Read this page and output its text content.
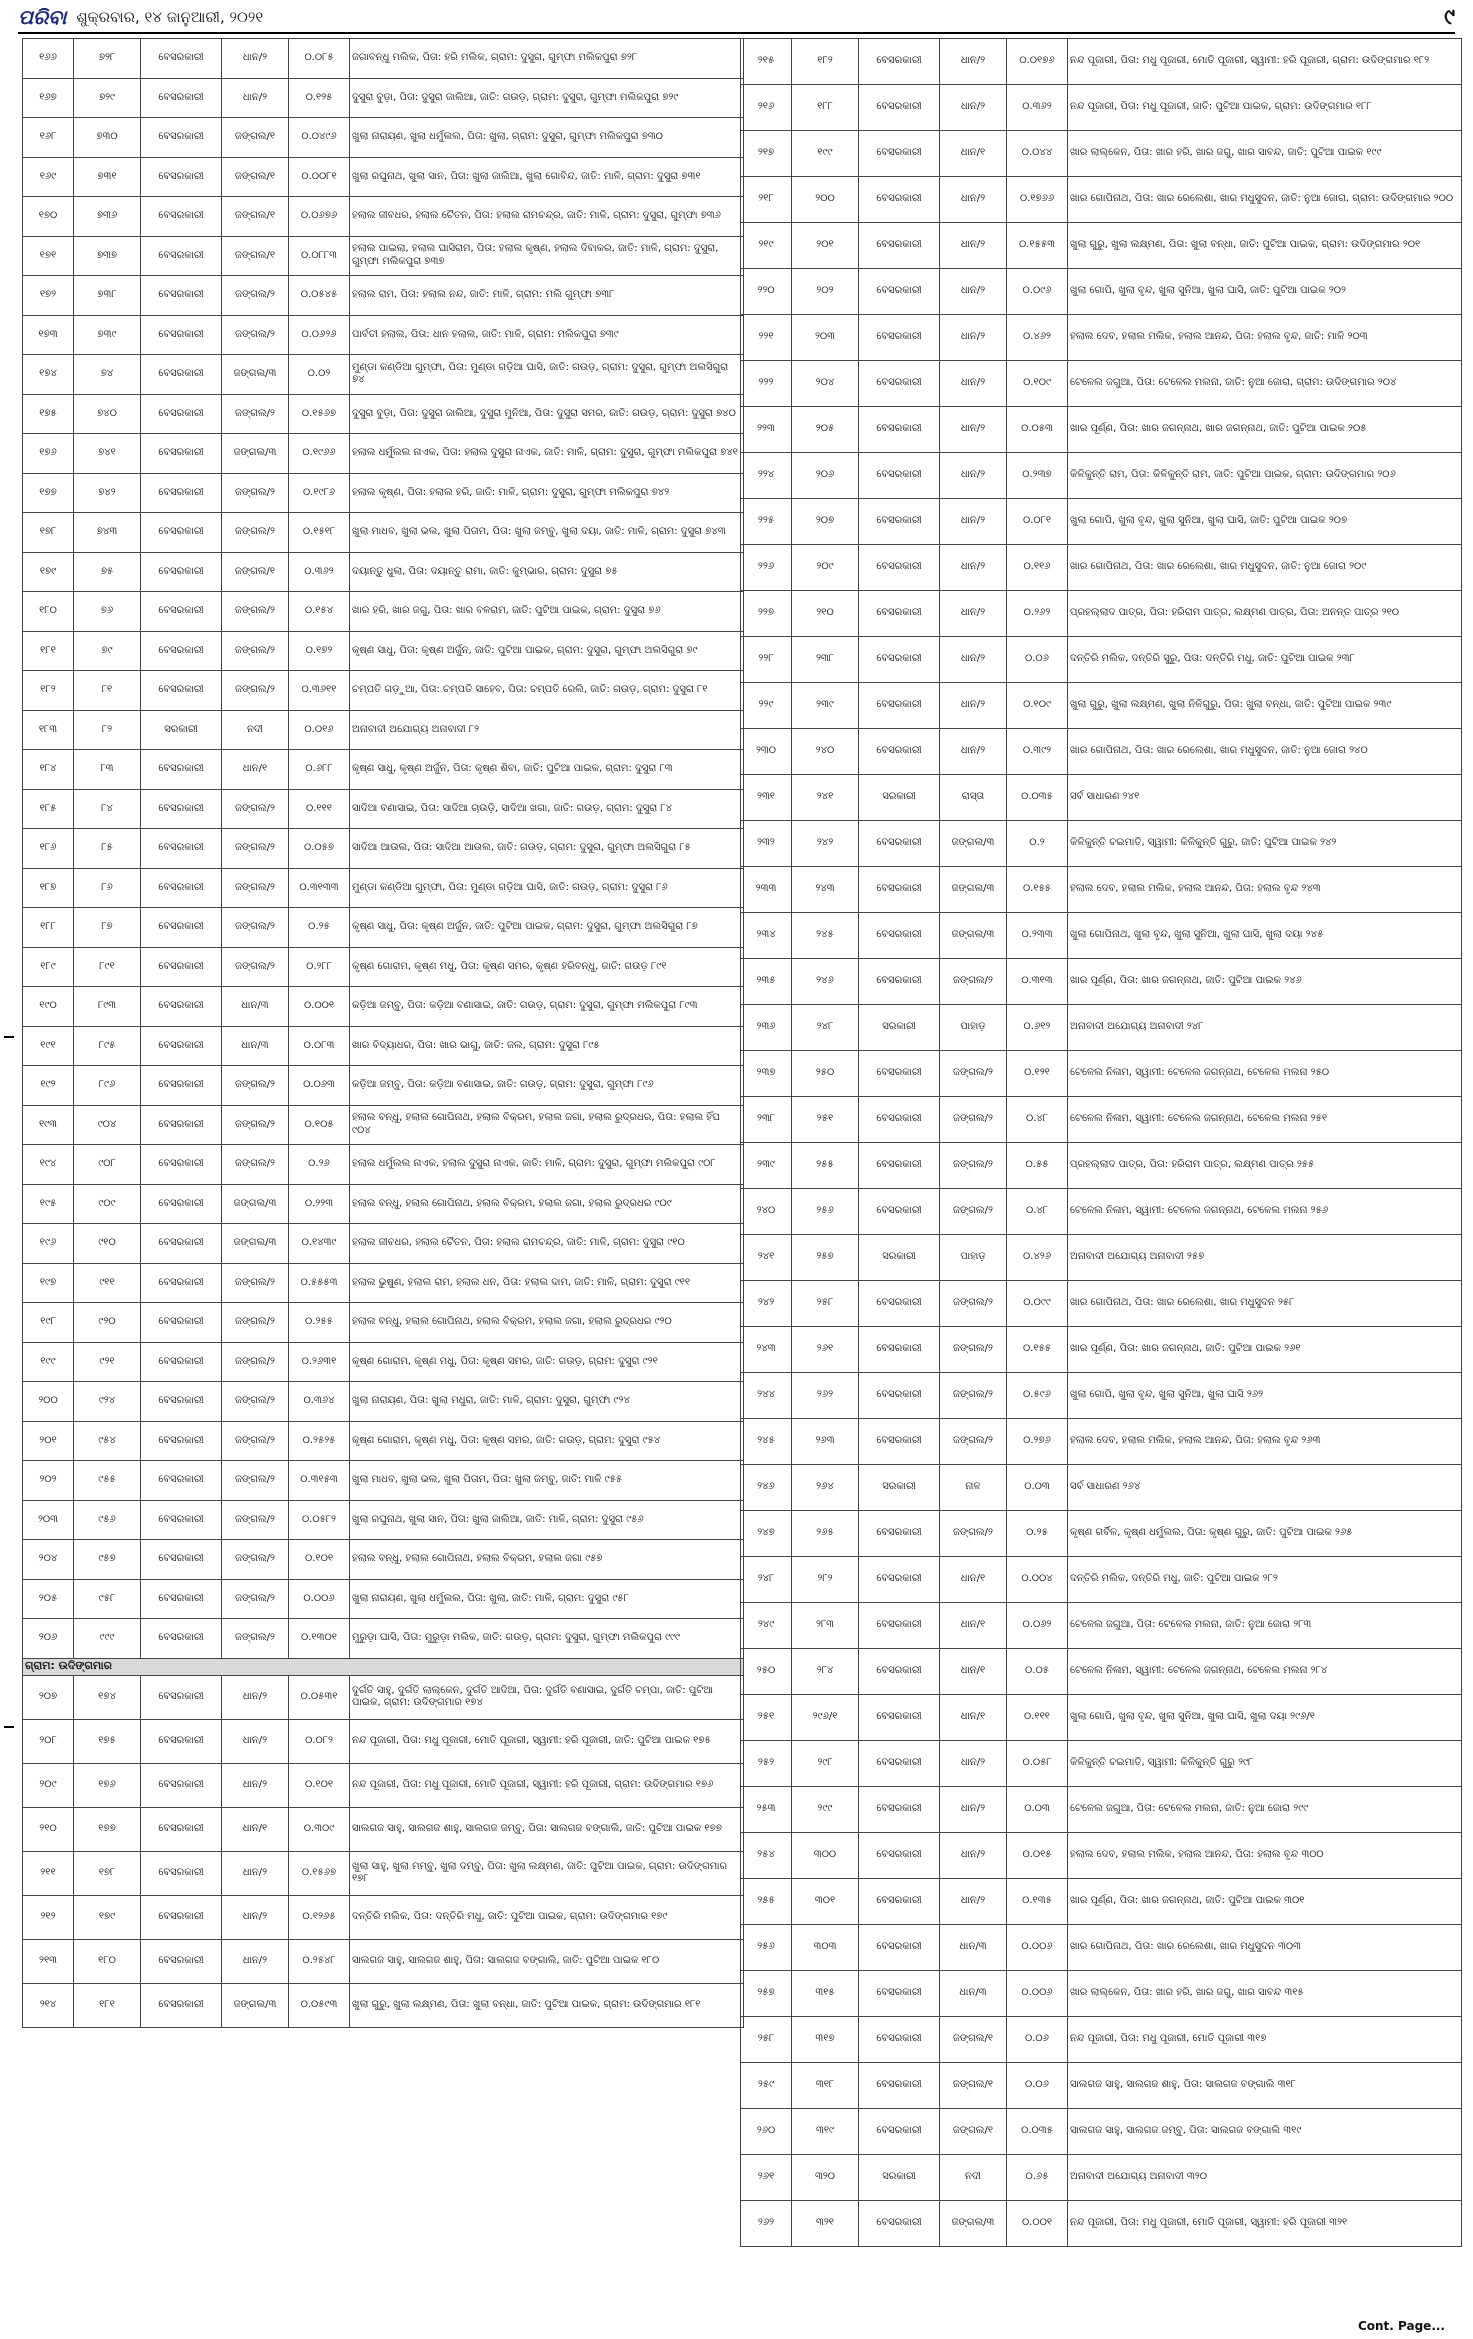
ପରିବା ଶୁକ୍ରବାର, ୧୪ ଜାନୁଆରୀ, ୨୦୨୧	୯
୧୬୬	୭୨୮	ବେସରକାରୀ	ଧାନ/୨	୦.୦୮୫	ଜଗାବନ୍ଧୁ ମଲିକ, ପିତା: ହରି ମଲିକ, ଗ୍ରାମ: ଦୁସୁରା, ଗୁମ୍ଫା ମଲିକପୁରା ୭୨୮
୧୬୭	୭୨୯	ବେସରକାରୀ	ଧାନ/୨	୦.୧୨୫	ଦୁସୁରା ବୁଡ଼ା, ପିତା: ଦୁସୁରା ଜାଲିଆ, ଜାତି: ଗଉଡ଼, ଗ୍ରାମ: ଦୁସୁରା, ଗୁମ୍ଫା ମଲିକପୁରା ୭୨୯
୧୬୮	୭୩୦	ବେସରକାରୀ	ଜଙ୍ଗଲ/୧	୦.୦୪୯୬	ଖୁଲା ନାରାୟଣ, ଖୁଲା ଧର୍ମୁଲଲ, ପିତା: ଖୁଲା, ଗ୍ରାମ: ଦୁସୁରା, ଗୁମ୍ଫା ମଲିକପୁରା ୭୩୦
୧୬୯	୭୩୧	ବେସରକାରୀ	ଜଙ୍ଗଲ/୧	୦.୦୦୮୧	ଖୁଲା ରଘୁନାଥ, ଖୁଲା ସାନ, ପିତା: ଖୁଲା ଜାଲିଆ, ଖୁଲା ଗୋବିନ୍ଦ, ଜାତି: ମାଳି, ଗ୍ରାମ: ଦୁସୁରା ୭୩୧
୧୭୦	୭୩୬	ବେସରକାରୀ	ଜଙ୍ଗଲ/୧	୦.୦୬୭୬	ହଲାଲ ଜୀବଧର, ହଲାଲ ଚୈତନ, ପିତା: ହଲାଲ ରାମଚନ୍ଦ୍ର, ଜାତି: ମାଳି, ଗ୍ରାମ: ଦୁସୁରା, ଗୁମ୍ଫା ୭୩୬
୧୭୧	୭୩୭	ବେସରକାରୀ	ଜଙ୍ଗଲ/୧	୦.୦୮୮୩	ହଲାଲ ପାଇଲା, ହଲାଲ ଘାସିରାମ, ପିତା: ହଲାଲ କୃଷ୍ଣ, ହଲାଲ ଦିବାକର, ଜାତି: ମାଳି, ଗ୍ରାମ: ଦୁସୁରା, ଗୁମ୍ଫା ମଲିକପୁରା ୭୩୭
୧୭୨	୭୩୮	ବେସରକାରୀ	ଜଙ୍ଗଲ/୨	୦.୦୫୪୫	ହଲାଲ ରାମ, ପିତା: ହଲାଲ ନନ୍ଦ, ଜାତି: ମାଳି, ଗ୍ରାମ: ମଲି ଗୁମ୍ଫା ୭୩୮
୧୭୩	୭୩୯	ବେସରକାରୀ	ଜଙ୍ଗଲ/୨	୦.୦୬୨୬	ପାର୍ବତୀ ହଲାଲ, ପିତା: ଧାନ ହଲାଲ, ଜାତି: ମାଳି, ଗ୍ରାମ: ମଲିକପୁରା ୭୩୯
୧୭୪	୭୪	ବେସରକାରୀ	ଜଙ୍ଗଲ/୩	୦.୦୨	ମୁଣ୍ଡା କଣ୍ଡିଆ ଗୁମ୍ଫା, ପିତା: ମୁଣ୍ଡା ଗଡ଼ିଆ ଘାସି, ଜାତି: ଗଉଡ଼, ଗ୍ରାମ: ଦୁସୁରା, ଗୁମ୍ଫା ଅଲସିଗୁରା ୭୪
୧୭୫	୭୪୦	ବେସରକାରୀ	ଜଙ୍ଗଲ/୨	୦.୧୫୬୭	ଦୁସୁରା ବୁଡ଼ା, ପିତା: ଦୁସୁରା ଜାଲିଆ, ଦୁସୁରା ମୁନିଆ, ପିତା: ଦୁସୁରା ସମର, ଜାତି: ଗଉଡ଼, ଗ୍ରାମ: ଦୁସୁରା ୭୪୦
୧୭୬	୭୪୧	ବେସରକାରୀ	ଜଙ୍ଗଲ/୩	୦.୧୯୬୬	ହଲାଲ ଧର୍ମୁଲଲ ନାଏକ, ପିତା: ହଲାଲ ଦୁସୁରା ନାଏକ, ଜାତି: ମାଳି, ଗ୍ରାମ: ଦୁସୁରା, ଗୁମ୍ଫା ମଲିକପୁରା ୭୪୧
୧୭୭	୭୪୨	ବେସରକାରୀ	ଜଙ୍ଗଲ/୨	୦.୧୯୮୬	ହଲାଲ କୃଷ୍ଣ, ପିତା: ହଲାଲ ହରି, ଜାତି: ମାଳି, ଗ୍ରାମ: ଦୁସୁରା, ଗୁମ୍ଫା ମଲିକପୁରା ୭୪୨
୧୭୮	୭୪୩	ବେସରକାରୀ	ଜଙ୍ଗଲ/୨	୦.୧୫୧୮	ଖୁଲା ମାଧବ, ଖୁଲା ଭଲ, ଖୁଲା ପିତାମ, ପିତା: ଖୁଲା ଜମ୍ବୁ, ଖୁଲା ଦୟା, ଜାତି: ମାଳି, ଗ୍ରାମ: ଦୁସୁରା ୭୪୩
୧୭୯	୭୫	ବେସରକାରୀ	ଜଙ୍ଗଲ/୧	୦.୩୬୨	ଦୟାନ୍ତୁ ଧୁଲା, ପିତା: ଦୟାନ୍ତୁ ରାମା, ଜାତି: କୁମ୍ଭାର, ଗ୍ରାମ: ଦୁସୁରା ୭୫
୧୮୦	୭୬	ବେସରକାରୀ	ଜଙ୍ଗଲ/୨	୦.୧୫୪	ଖାର ହରି, ଖାର ଜଗୁ, ପିତା: ଖାର ବଳରାମ, ଜାତି: ପୁଟିଆ ପାଇକ, ଗ୍ରାମ: ଦୁସୁରା ୭୬
୧୮୧	୭୯	ବେସରକାରୀ	ଜଙ୍ଗଲ/୨	୦.୧୭୨	କୃଷ୍ଣ ସାଧୁ, ପିତା: କୃଷ୍ଣ ଅର୍ଜୁନ, ଜାତି: ପୁଟିଆ ପାଇକ, ଗ୍ରାମ: ଦୁସୁରା, ଗୁମ୍ଫା ଅଲସିଗୁରା ୭୯
୧୮୨	୮୧	ବେସରକାରୀ	ଜଙ୍ଗଲ/୨	୦.୩୬୧୧	ଚମ୍ପତି ଗଡ଼ୁଆ, ପିତା: ଚମ୍ପତି ସାହେବ, ପିତା: ଚମ୍ପତି ରେଲି, ଜାତି: ଗଉଡ଼, ଗ୍ରାମ: ଦୁସୁରା ୮୧
୧୮୩	୮୨	ସରକାରୀ	ନଦୀ	୦.୦୧୬	ଅନାବାଦୀ ଅଯୋଗ୍ୟ ଅନାବାଦୀ ୮୨
୧୮୪	୮୩	ବେସରକାରୀ	ଧାନ/୧	୦.୬୮୮	କୃଷ୍ଣ ସାଧୁ, କୃଷ୍ଣ ଅର୍ଜୁନ, ପିତା: କୃଷ୍ଣ ଶିବା, ଜାତି: ପୁଟିଆ ପାଇକ, ଗ୍ରାମ: ଦୁସୁରା ୮୩
୧୮୫	୮୪	ବେସରକାରୀ	ଜଙ୍ଗଲ/୨	୦.୧୧୧	ସାଦିଆ ବଣାସାଇ, ପିତା: ସାଦିଆ ଚାଉଡ଼ି, ସାଦିଆ ଖଗା, ଜାତି: ଗଉଡ଼, ଗ୍ରାମ: ଦୁସୁରା ୮୪
୧୮୬	୮୫	ବେସରକାରୀ	ଜଙ୍ଗଲ/୨	୦.୦୫୭	ସାଦିଆ ଆଉଲ, ପିତା: ସାଦିଆ ଆଉଲ, ଜାତି: ଗଉଡ଼, ଗ୍ରାମ: ଦୁସୁରା, ଗୁମ୍ଫା ଅଲସିଗୁରା ୮୫
୧୮୭	୮୬	ବେସରକାରୀ	ଜଙ୍ଗଲ/୨	୦.୩୧୩୩	ମୁଣ୍ଡା କଣ୍ଡିଆ ଗୁମ୍ଫା, ପିତା: ମୁଣ୍ଡା ଗଡ଼ିଆ ଘାସି, ଜାତି: ଗଉଡ଼, ଗ୍ରାମ: ଦୁସୁରା ୮୬
୧୮୮	୮୭	ବେସରକାରୀ	ଜଙ୍ଗଲ/୨	୦.୨୫	କୃଷ୍ଣ ସାଧୁ, ପିତା: କୃଷ୍ଣ ଅର୍ଜୁନ, ଜାତି: ପୁଟିଆ ପାଇକ, ଗ୍ରାମ: ଦୁସୁରା, ଗୁମ୍ଫା ଅଲସିଗୁରା ୮୭
୧୮୯	୮୯୧	ବେସରକାରୀ	ଜଙ୍ଗଲ/୨	୦.୨୮୮	କୃଷ୍ଣ ଗୋରାମ, କୃଷ୍ଣ ମଧୁ, ପିତା: କୃଷ୍ଣ ସମର, କୃଷ୍ଣ ହରିବନ୍ଧୁ, ଜାତି: ଗଉଡ଼ ୮୯୧
୧୯୦	୮୯୩	ବେସରକାରୀ	ଧାନ/୩	୦.୦୦୧	କଡ଼ିଆ ଜମ୍ବୁ, ପିତା: କଡ଼ିଆ ବଣାସାଇ, ଜାତି: ଗଉଡ଼, ଗ୍ରାମ: ଦୁସୁରା, ଗୁମ୍ଫା ମଲିକପୁରା ୮୯୩
୧୯୧	୮୯୫	ବେସରକାରୀ	ଧାନ/୩	୦.୦୮୩	ଖାର ବିଦ୍ୟାଧର, ପିତା: ଖାର ଭାଗୁ, ଜାତି: ଜଲ, ଗ୍ରାମ: ଦୁସୁରା ୮୯୫
୧୯୨	୮୯୬	ବେସରକାରୀ	ଜଙ୍ଗଲ/୨	୦.୦୬୩	କଡ଼ିଆ ଜମ୍ବୁ, ପିତା: କଡ଼ିଆ ବଣାସାଇ, ଜାତି: ଗଉଡ଼, ଗ୍ରାମ: ଦୁସୁରା, ଗୁମ୍ଫା ୮୯୬
୧୯୩	୯୦୪	ବେସରକାରୀ	ଜଙ୍ଗଲ/୨	୦.୧୦୫	ହଲାଲ ବନ୍ଧୁ, ହଲାଲ ଗୋପିନାଥ, ହଲାଲ ବିକ୍ରମ, ହଲାଲ ଜଗା, ହଲାଲ ରୁଦ୍ରଧର, ପିତା: ହଲାଲ ହିଁଘ ୯୦୪
୧୯୪	୯୦୮	ବେସରକାରୀ	ଜଙ୍ଗଲ/୨	୦.୨୬	ହଲାଲ ଧର୍ମୁଲଲ ନାଏକ, ହଲାଲ ଦୁସୁରା ନାଏକ, ଜାତି: ମାଳି, ଗ୍ରାମ: ଦୁସୁରା, ଗୁମ୍ଫା ମଲିକପୁରା ୯୦୮
୧୯୫	୯୦୯	ବେସରକାରୀ	ଜଙ୍ଗଲ/୩	୦.୨୨୩	ହଲାଲ ବନ୍ଧୁ, ହଲାଲ ଗୋପିନାଥ, ହଲାଲ ବିକ୍ରମ, ହଲାଲ ଜଗା, ହଲାଲ ରୁଦ୍ରଧର ୯୦୯
୧୯୬	୯୧୦	ବେସରକାରୀ	ଜଙ୍ଗଲ/୩	୦.୧୪୩୯	ହଲାଲ ଜୀବଧର, ହଲାଲ ଚୈତନ, ପିତା: ହଲାଲ ରାମଚନ୍ଦ୍ର, ଜାତି: ମାଳି, ଗ୍ରାମ: ଦୁସୁରା ୯୧୦
୧୯୭	୯୧୧	ବେସରକାରୀ	ଜଙ୍ଗଲ/୨	୦.୫୫୫୩	ହଲାଲ ଭୁଷୁଣ, ହଲାଲ ରାମ, ହଲାଲ ଧନ, ପିତା: ହଲାଲ ଦାମ, ଜାତି: ମାଳି, ଗ୍ରାମ: ଦୁସୁରା ୯୧୧
୧୯୮	୯୨୦	ବେସରକାରୀ	ଜଙ୍ଗଲ/୨	୦.୨୫୫	ହଲାଲ ବନ୍ଧୁ, ହଲାଲ ଗୋପିନାଥ, ହଲାଲ ବିକ୍ରମ, ହଲାଲ ଜଗା, ହଲାଲ ରୁଦ୍ରଧର ୯୨୦
୧୯୯	୯୨୧	ବେସରକାରୀ	ଜଙ୍ଗଲ/୨	୦.୨୬୩୧	କୃଷ୍ଣ ଗୋରାମ, କୃଷ୍ଣ ମଧୁ, ପିତା: କୃଷ୍ଣ ସମର, ଜାତି: ଗଉଡ଼, ଗ୍ରାମ: ଦୁସୁରା ୯୨୧
୨୦୦	୯୨୪	ବେସରକାରୀ	ଜଙ୍ଗଲ/୨	୦.୩୬୪	ଖୁଲା ନାରାୟଣ, ପିତା: ଖୁଲା ମଧୁରା, ଜାତି: ମାଳି, ଗ୍ରାମ: ଦୁସୁରା, ଗୁମ୍ଫା ୯୨୪
୨୦୧	୯୫୪	ବେସରକାରୀ	ଜଙ୍ଗଲ/୨	୦.୨୫୨୫	କୃଷ୍ଣ ଗୋରାମ, କୃଷ୍ଣ ମଧୁ, ପିତା: କୃଷ୍ଣ ସମର, ଜାତି: ଗଉଡ଼, ଗ୍ରାମ: ଦୁସୁରା ୯୫୪
୨୦୨	୯୫୫	ବେସରକାରୀ	ଜଙ୍ଗଲ/୨	୦.୩୧୫୩	ଖୁଲା ମାଧବ, ଖୁଲା ଭଲ, ଖୁଲା ପିତାମ, ପିତା: ଖୁଲା ଜମ୍ବୁ, ଜାତି: ମାଳି ୯୫୫
୨୦୩	୯୫୬	ବେସରକାରୀ	ଜଙ୍ଗଲ/୨	୦.୦୫୮୨	ଖୁଲା ରଘୁନାଥ, ଖୁଲା ସାନ, ପିତା: ଖୁଲା ଜାଲିଆ, ଜାତି: ମାଳି, ଗ୍ରାମ: ଦୁସୁରା ୯୫୬
୨୦୪	୯୫୭	ବେସରକାରୀ	ଜଙ୍ଗଲ/୨	୦.୧୦୧	ହଲାଲ ବନ୍ଧୁ, ହଲାଲ ଗୋପିନାଥ, ହଲାଲ ବିକ୍ରମ, ହଲାଲ ଜଗା ୯୫୭
୨୦୫	୯୫୮	ବେସରକାରୀ	ଜଙ୍ଗଲ/୨	୦.୦୦୬	ଖୁଲା ନାରାୟଣ, ଖୁଲା ଧର୍ମୁଲଲ, ପିତା: ଖୁଲା, ଜାତି: ମାଳି, ଗ୍ରାମ: ଦୁସୁରା ୯୫୮
୨୦୬	୯୯୯	ବେସରକାରୀ	ଜଙ୍ଗଲ/୨	୦.୧୩୦୧	ମୁରୁଡ଼ା ଘାସି, ପିତା: ମୁରୁଡ଼ା ମଲିକ, ଜାତି: ଗଉଡ଼, ଗ୍ରାମ: ଦୁସୁରା, ଗୁମ୍ଫା ମଲିକପୁରା ୯୯୯
ଗ୍ରାମ: ଉଦିଙ୍ଗମାର					
୨୦୭	୧୭୪	ବେସରକାରୀ	ଧାନ/୨	୦.୦୫୩୧	ଦୁର୍ଗତି ସାହୁ, ଦୁର୍ଗତି ଲାଲ୍କେନ, ଦୁର୍ଗତି ଆଦିଆ, ପିତା: ଦୁର୍ଗତି ବଣାସାଇ, ଦୁର୍ଗତି ଚମ୍ପା, ଜାତି: ପୁଟିଆ ପାଇକ, ଗ୍ରାମ: ଉଦିଙ୍ଗମାର ୧୭୪
୨୦୮	୧୭୫	ବେସରକାରୀ	ଧାନ/୨	୦.୦୮୨	ନନ୍ଦ ପୂଜାରୀ, ପିତା: ମଧୁ ପୂଜାରୀ, ମୋତି ପୂଜାରୀ, ସ୍ୱାମୀ: ହରି ପୂଜାରୀ, ଜାତି: ପୁଟିଆ ପାଇକ ୧୭୫
୨୦୯	୧୭୬	ବେସରକାରୀ	ଧାନ/୨	୦.୧୦୧	ନନ୍ଦ ପୂଜାରୀ, ପିତା: ମଧୁ ପୂଜାରୀ, ମୋତି ପୂଜାରୀ, ସ୍ୱାମୀ: ହରି ପୂଜାରୀ, ଗ୍ରାମ: ଉଦିଙ୍ଗମାର ୧୭୬
୨୧୦	୧୭୭	ବେସରକାରୀ	ଧାନ/୧	୦.୩୦୯	ସାଲଗଜ ସାହୁ, ସାଲଗଜ ଶାହୁ, ସାଲଗଜ ଜମ୍ବୁ, ପିତା: ସାଲଗଜ ବଙ୍ଗାଲି, ଜାତି: ପୁଟିଆ ପାଇକ ୧୭୭
୨୧୧	୧୭୮	ବେସରକାରୀ	ଧାନ/୨	୦.୧୫୬୭	ଖୁଲା ସାହୁ, ଖୁଲା ମମ୍ବୁ, ଖୁଲା ଦମ୍ବୁ, ପିତା: ଖୁଲା ଲକ୍ଷ୍ମଣ, ଜାତି: ପୁଟିଆ ପାଇକ, ଗ୍ରାମ: ଉଦିଙ୍ଗମାର ୧୭୮
୨୧୨	୧୭୯	ବେସରକାରୀ	ଧାନ/୨	୦.୧୨୬୫	ଦନ୍ତିରି ମଲିକ, ପିତା: ଦନ୍ତିରି ମଧୁ, ଜାତି: ପୁଟିଆ ପାଇକ, ଗ୍ରାମ: ଉଦିଙ୍ଗମାର ୧୭୯
୨୧୩	୧୮୦	ବେସରକାରୀ	ଧାନ/୨	୦.୨୫୪୮	ସାଲଗଜ ସାହୁ, ସାଲଗଜ ଶାହୁ, ପିତା: ସାଲଗଜ ବଙ୍ଗାଲି, ଜାତି: ପୁଟିଆ ପାଇକ ୧୮୦
୨୧୪	୧୮୧	ବେସରକାରୀ	ଜଙ୍ଗଲ/୩	୦.୦୫୯୩	ଖୁଲା ଗୁରୁ, ଖୁଲା ଲକ୍ଷ୍ମଣ, ପିତା: ଖୁଲା ବନ୍ଧା, ଜାତି: ପୁଟିଆ ପାଇକ, ଗ୍ରାମ: ଉଦିଙ୍ଗମାର ୧୮୧
୨୧୫	୧୮୨	ବେସରକାରୀ	ଧାନ/୨	୦.୦୧୭୬	ନନ୍ଦ ପୂଜାରୀ, ପିତା: ମଧୁ ପୂଜାରୀ, ମୋତି ପୂଜାରୀ, ସ୍ୱାମୀ: ହରି ପୂଜାରୀ, ଗ୍ରାମ: ଉଦିଙ୍ଗମାର ୧୮୨
୨୧୬	୧୮୮	ବେସରକାରୀ	ଧାନ/୨	୦.୩୬୨	ନନ୍ଦ ପୂଜାରୀ, ପିତା: ମଧୁ ପୂଜାରୀ, ଜାତି: ପୁଟିଆ ପାଇକ, ଗ୍ରାମ: ଉଦିଙ୍ଗମାର ୧୮୮
୨୧୭	୧୯୯	ବେସରକାରୀ	ଧାନ/୧	୦.୦୪୪	ଖାର ଲାଲ୍କେନ, ପିତା: ଖାର ହରି, ଖାର ଜଗୁ, ଖାର ସାବନ୍ଦ, ଜାତି: ପୁଟିଆ ପାଇକ ୧୯୯
୨୧୮	୨୦୦	ବେସରକାରୀ	ଧାନ/୨	୦.୧୭୬୬	ଖାର ଗୋପିନାଥ, ପିତା: ଖାର ରେଲେଶା, ଖାର ମଧୁସୁଦନ, ଜାତି: ନୁଆ ଜୋରା, ଗ୍ରାମ: ଉଦିଙ୍ଗମାର ୨୦୦
୨୧୯	୨୦୧	ବେସରକାରୀ	ଧାନ/୨	୦.୧୫୫୩	ଖୁଲା ଗୁରୁ, ଖୁଲା ଲକ୍ଷ୍ମଣ, ପିତା: ଖୁଲା ବନ୍ଧା, ଜାତି: ପୁଟିଆ ପାଇକ, ଗ୍ରାମ: ଉଦିଙ୍ଗମାର ୨୦୧
୨୨୦	୨୦୨	ବେସରକାରୀ	ଧାନ/୨	୦.୦୯୬	ଖୁଲା ଗୋପି, ଖୁଲା ବୃନ୍ଦ, ଖୁଲା ସୁନିଆ, ଖୁଲା ଘାସି, ଜାତି: ପୁଟିଆ ପାଇକ ୨୦୨
୨୨୧	୨୦୩	ବେସରକାରୀ	ଧାନ/୨	୦.୪୬୨	ହଲାଲ ଦେବ, ହଲାଲ ମଲିକ, ହଲାଲ ଆନନ୍ଦ, ପିତା: ହଲାଲ ବୃନ୍ଦ, ଜାତି: ମାଳି ୨୦୩
୨୨୨	୨୦୪	ବେସରକାରୀ	ଧାନ/୨	୦.୧୦୯	ଟେଳେଲ ଜଗୁଆ, ପିତା: ଟେଳେଲ ମଲନା, ଜାତି: ନୁଆ ଜୋରା, ଗ୍ରାମ: ଉଦିଙ୍ଗମାର ୨୦୪
୨୨୩	୨୦୫	ବେସରକାରୀ	ଧାନ/୨	୦.୦୫୩	ଖାର ପୂର୍ଣ୍ଣ, ପିତା: ଖାର ଜଗନ୍ନାଥ, ଖାର ଜଗନ୍ନାଥ, ଜାତି: ପୁଟିଆ ପାଇକ ୨୦୫
୨୨୪	୨୦୬	ବେସରକାରୀ	ଧାନ/୨	୦.୨୩୭	କିଳିକୁନ୍ତି ରାମ, ପିତା: କିଳିକୁନ୍ତି ରାମ, ଜାତି: ପୁଟିଆ ପାଇକ, ଗ୍ରାମ: ଉଦିଙ୍ଗମାର ୨୦୬
୨୨୫	୨୦୭	ବେସରକାରୀ	ଧାନ/୨	୦.୦୮୧	ଖୁଲା ଗୋପି, ଖୁଲା ବୃନ୍ଦ, ଖୁଲା ସୁନିଆ, ଖୁଲା ଘାସି, ଜାତି: ପୁଟିଆ ପାଇକ ୨୦୭
୨୨୬	୨୦୯	ବେସରକାରୀ	ଧାନ/୨	୦.୧୧୬	ଖାର ଗୋପିନାଥ, ପିତା: ଖାର ରେଲେଶା, ଖାର ମଧୁସୁଦନ, ଜାତି: ନୁଆ ଜୋରା ୨୦୯
୨୨୭	୨୧୦	ବେସରକାରୀ	ଧାନ/୨	୦.୨୬୨	ପ୍ରହଲ୍ଲାଦ ପାତ୍ର, ପିତା: ହରିରାମ ପାତ୍ର, ଲକ୍ଷ୍ମଣ ପାତ୍ର, ପିତା: ଅନନ୍ତ ପାତ୍ର ୨୧୦
୨୨୮	୨୩୮	ବେସରକାରୀ	ଧାନ/୨	୦.୦୬	ଦନ୍ତିରି ମଲିକ, ଦନ୍ତିରି ସୁରୁ, ପିତା: ଦନ୍ତିରି ମଧୁ, ଜାତି: ପୁଟିଆ ପାଇକ ୨୩୮
୨୨୯	୨୩୯	ବେସରକାରୀ	ଧାନ/୨	୦.୧୦୯	ଖୁଲା ଗୁରୁ, ଖୁଲା ଲକ୍ଷ୍ମଣ, ଖୁଲା ନିଳିଗୁରୁ, ପିତା: ଖୁଲା ବନ୍ଧା, ଜାତି: ପୁଟିଆ ପାଇକ ୨୩୯
୨୩୦	୨୪୦	ବେସରକାରୀ	ଧାନ/୨	୦.୩୯୨	ଖାର ଗୋପିନାଥ, ପିତା: ଖାର ରେଲେଶା, ଖାର ମଧୁସୁଦନ, ଜାତି: ନୁଆ ଜୋରା ୨୪୦
୨୩୧	୨୪୧	ସରକାରୀ	ରାସ୍ତା	୦.୦୩୫	ସର୍ବ ସାଧାରଣ ୨୪୧
୨୩୨	୨୪୨	ବେସରକାରୀ	ଜଙ୍ଗଲ/୩	୦.୨	କିଳିକୁନ୍ତି ଚଇମାତି, ସ୍ୱାମୀ: କିଳିକୁନ୍ତି ଗୁରୁ, ଜାତି: ପୁଟିଆ ପାଇକ ୨୪୨
୨୩୩	୨୪୩	ବେସରକାରୀ	ଜଙ୍ଗଲ/୩	୦.୧୫୫	ହଲାଲ ଦେବ, ହଲାଲ ମଲିକ, ହଲାଲ ଆନନ୍ଦ, ପିତା: ହଲାଲ ବୃନ୍ଦ ୨୪୩
୨୩୪	୨୪୫	ବେସରକାରୀ	ଜଙ୍ଗଲ/୩	୦.୨୩୩	ଖୁଲା ଗୋପିନାଥ, ଖୁଲା ବୃନ୍ଦ, ଖୁଲା ସୁନିଆ, ଖୁଲା ଘାସି, ଖୁଲା ଦୟା ୨୪୫
୨୩୫	୨୪୬	ବେସରକାରୀ	ଜଙ୍ଗଲ/୨	୦.୩୧୩	ଖାର ପୂର୍ଣ୍ଣ, ପିତା: ଖାର ଜଗନ୍ନାଥ, ଜାତି: ପୁଟିଆ ପାଇକ ୨୪୬
୨୩୬	୨୪୮	ସରକାରୀ	ପାହାଡ଼	୦.୬୧୨	ଅନାବାଦୀ ଅଯୋଗ୍ୟ ଅନାବାଦୀ ୨୪୮
୨୩୭	୨୫୦	ବେସରକାରୀ	ଜଙ୍ଗଲ/୨	୦.୧୨୧	ଟେଳେଲ ନିଳାମ, ସ୍ୱାମୀ: ଟେଳେଲ ଜଗନ୍ନାଥ, ଟେଳେଲ ମଲନା ୨୫୦
୨୩୮	୨୫୧	ବେସରକାରୀ	ଜଙ୍ଗଲ/୨	୦.୪୮	ଟେଳେଲ ନିଳାମ, ସ୍ୱାମୀ: ଟେଳେଲ ଜଗନ୍ନାଥ, ଟେଳେଲ ମଲନା ୨୫୧
୨୩୯	୨୫୫	ବେସରକାରୀ	ଜଙ୍ଗଲ/୨	୦.୫୫	ପ୍ରହଲ୍ଲାଦ ପାତ୍ର, ପିତା: ହରିରାମ ପାତ୍ର, ଲକ୍ଷ୍ମଣ ପାତ୍ର ୨୫୫
୨୪୦	୨୫୬	ବେସରକାରୀ	ଜଙ୍ଗଲ/୨	୦.୪୮	ଟେଳେଲ ନିଳାମ, ସ୍ୱାମୀ: ଟେଳେଲ ଜଗନ୍ନାଥ, ଟେଳେଲ ମଲନା ୨୫୬
୨୪୧	୨୫୭	ସରକାରୀ	ପାହାଡ଼	୦.୪୨୬	ଅନାବାଦୀ ଅଯୋଗ୍ୟ ଅନାବାଦୀ ୨୫୭
୨୪୨	୨୫୮	ବେସରକାରୀ	ଜଙ୍ଗଲ/୨	୦.୦୯୯	ଖାର ଗୋପିନାଥ, ପିତା: ଖାର ରେଲେଶା, ଖାର ମଧୁସୁଦନ ୨୫୮
୨୪୩	୨୬୧	ବେସରକାରୀ	ଜଙ୍ଗଲ/୨	୦.୧୫୫	ଖାର ପୂର୍ଣ୍ଣ, ପିତା: ଖାର ଜଗନ୍ନାଥ, ଜାତି: ପୁଟିଆ ପାଇକ ୨୬୧
୨୪୪	୨୬୨	ବେସରକାରୀ	ଜଙ୍ଗଲ/୨	୦.୫୯୬	ଖୁଲା ଗୋପି, ଖୁଲା ବୃନ୍ଦ, ଖୁଲା ସୁନିଆ, ଖୁଲା ଘାସି ୨୬୨
୨୪୫	୨୬୩	ବେସରକାରୀ	ଜଙ୍ଗଲ/୨	୦.୨୭୬	ହଲାଲ ଦେବ, ହଲାଲ ମଲିକ, ହଲାଲ ଆନନ୍ଦ, ପିତା: ହଲାଲ ବୃନ୍ଦ ୨୬୩
୨୪୬	୨୬୪	ସରକାରୀ	ନାଳ	୦.୦୩	ସର୍ବ ସାଧାରଣ ୨୬୪
୨୪୭	୨୬୫	ବେସରକାରୀ	ଜଙ୍ଗଲ/୨	୦.୨୫	କୃଷ୍ଣ ଗର୍ବିଳ, କୃଷ୍ଣ ଧର୍ମୁଲଲ, ପିତା: କୃଷ୍ଣ ଗୁରୁ, ଜାତି: ପୁଟିଆ ପାଇକ ୨୬୫
୨୪୮	୨୮୨	ବେସରକାରୀ	ଧାନ/୧	୦.୦୦୪	ଦନ୍ତିରି ମଲିକ, ଦନ୍ତିରି ମଧୁ, ଜାତି: ପୁଟିଆ ପାଇକ ୨୮୨
୨୪୯	୨୮୩	ବେସରକାରୀ	ଧାନ/୧	୦.୦୬୨	ଟେଳେଲ ଜଗୁଆ, ପିତା: ଟେଳେଲ ମଲନା, ଜାତି: ନୁଆ ଜୋରା ୨୮୩
୨୫୦	୨୮୪	ବେସରକାରୀ	ଧାନ/୧	୦.୦୫	ଟେଳେଲ ନିଳାମ, ସ୍ୱାମୀ: ଟେଳେଲ ଜଗନ୍ନାଥ, ଟେଳେଲ ମଲନା ୨୮୪
୨୫୧	୨୯୬/୧	ବେସରକାରୀ	ଧାନ/୧	୦.୧୧୧	ଖୁଲା ଗୋପି, ଖୁଲା ବୃନ୍ଦ, ଖୁଲା ସୁନିଆ, ଖୁଲା ଘାସି, ଖୁଲା ଦୟା ୨୯୬/୧
୨୫୨	୨୯୮	ବେସରକାରୀ	ଧାନ/୨	୦.୦୫୮	କିଳିକୁନ୍ତି ଚଇମାତି, ସ୍ୱାମୀ: କିଳିକୁନ୍ତି ଗୁରୁ ୨୯୮
୨୫୩	୨୯୯	ବେସରକାରୀ	ଧାନ/୨	୦.୦୩	ଟେଳେଲ ଜଗୁଆ, ପିତା: ଟେଳେଲ ମଲନା, ଜାତି: ନୁଆ ଜୋରା ୨୯୯
୨୫୪	୩୦୦	ବେସରକାରୀ	ଧାନ/୨	୦.୦୧୫	ହଲାଲ ଦେବ, ହଲାଲ ମଲିକ, ହଲାଲ ଆନନ୍ଦ, ପିତା: ହଲାଲ ବୃନ୍ଦ ୩୦୦
୨୫୫	୩୦୧	ବେସରକାରୀ	ଧାନ/୨	୦.୧୩୫	ଖାର ପୂର୍ଣ୍ଣ, ପିତା: ଖାର ଜଗନ୍ନାଥ, ଜାତି: ପୁଟିଆ ପାଇକ ୩୦୧
୨୫୬	୩୦୩	ବେସରକାରୀ	ଧାନ/୩	୦.୦୦୬	ଖାର ଗୋପିନାଥ, ପିତା: ଖାର ରେଲେଶା, ଖାର ମଧୁସୁଦନ ୩୦୩
୨୫୭	୩୧୫	ବେସରକାରୀ	ଧାନ/୩	୦.୦୦୬	ଖାର ଲାଲ୍କେନ, ପିତା: ଖାର ହରି, ଖାର ଜଗୁ, ଖାର ସାବନ୍ଦ ୩୧୫
୨୫୮	୩୧୭	ବେସରକାରୀ	ଜଙ୍ଗଲ/୧	୦.୦୬	ନନ୍ଦ ପୂଜାରୀ, ପିତା: ମଧୁ ପୂଜାରୀ, ମୋତି ପୂଜାରୀ ୩୧୭
୨୫୯	୩୧୮	ବେସରକାରୀ	ଜଙ୍ଗଲ/୧	୦.୦୬	ସାଲଗଜ ସାହୁ, ସାଲଗଜ ଶାହୁ, ପିତା: ସାଲଗଜ ବଙ୍ଗାଲି ୩୧୮
୨୬୦	୩୧୯	ବେସରକାରୀ	ଜଙ୍ଗଲ/୧	୦.୦୩୫	ସାଲଗଜ ସାହୁ, ସାଲଗଜ ଜମ୍ବୁ, ପିତା: ସାଲଗଜ ବଙ୍ଗାଲି ୩୧୯
୨୬୧	୩୨୦	ସରକାରୀ	ନଦୀ	୦.୬୫	ଅନାବାଦୀ ଅଯୋଗ୍ୟ ଅନାବାଦୀ ୩୨୦
୨୬୨	୩୨୧	ବେସରକାରୀ	ଜଙ୍ଗଲ/୩	୦.୦୦୧	ନନ୍ଦ ପୂଜାରୀ, ପିତା: ମଧୁ ପୂଜାରୀ, ମୋତି ପୂଜାରୀ, ସ୍ୱାମୀ: ହରି ପୂଜାରୀ ୩୨୧
Cont. Page...
